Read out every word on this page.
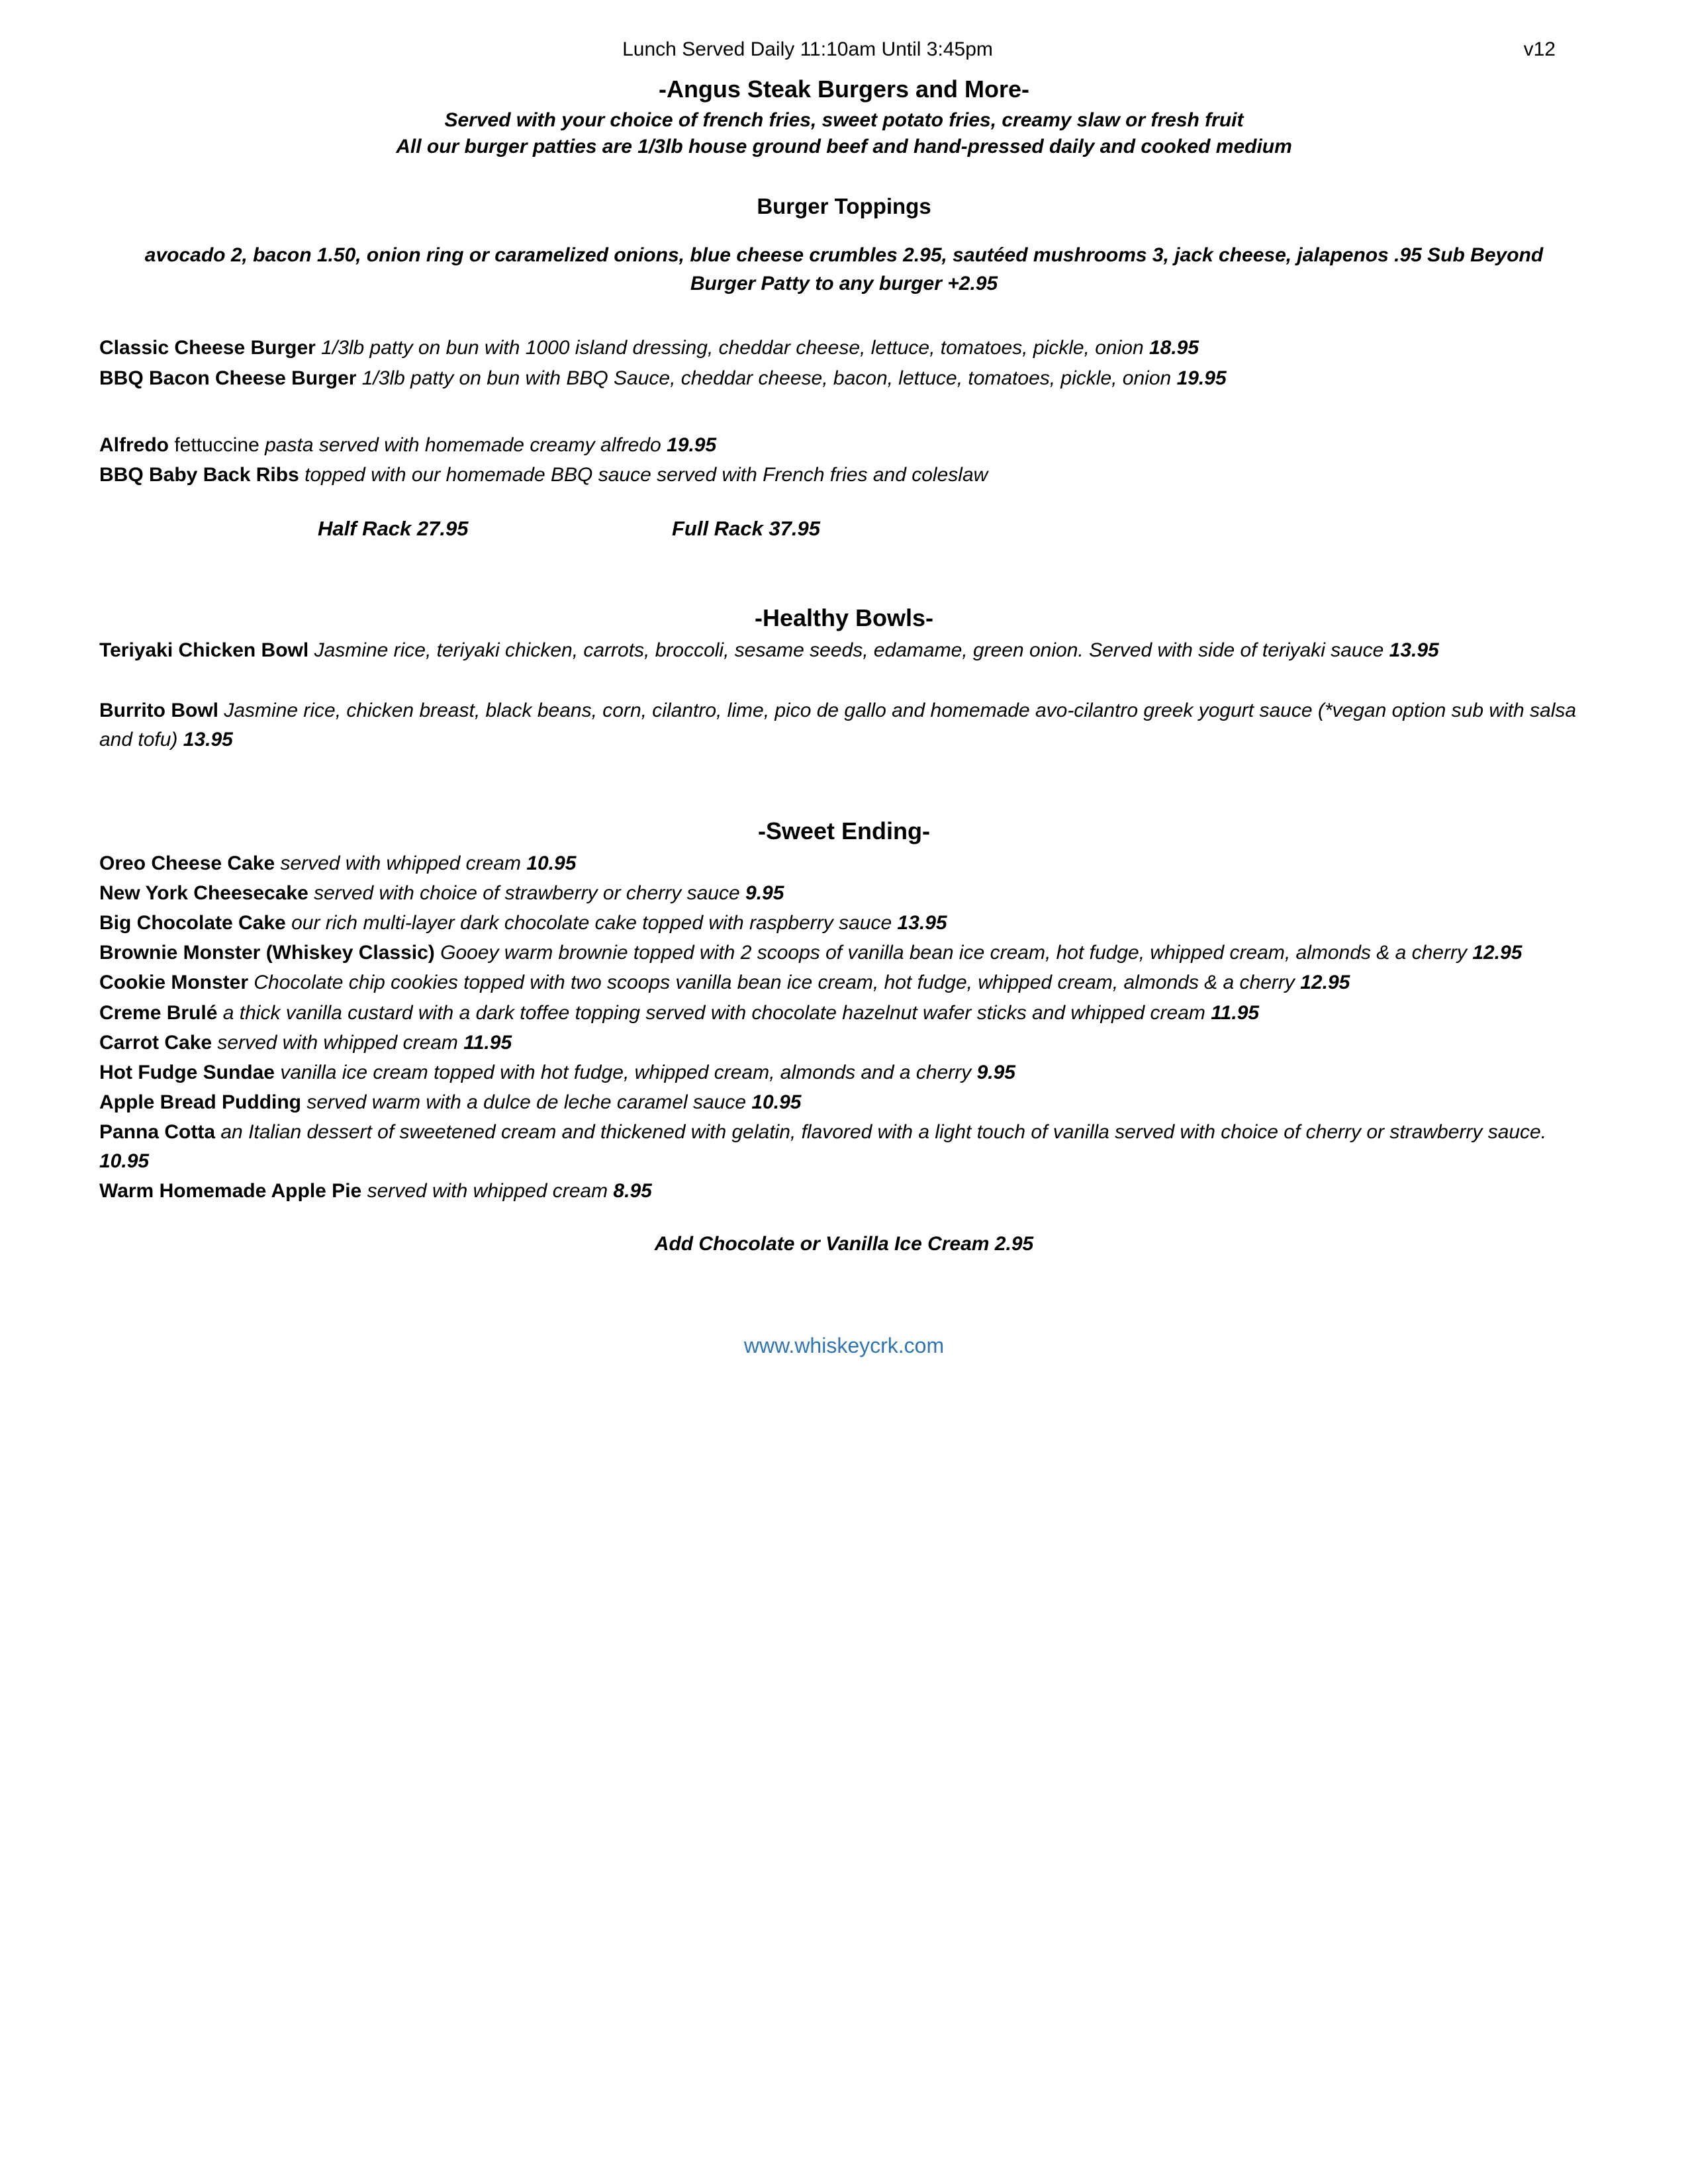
Lunch Served Daily 11:10am Until 3:45pm	v12
-Angus Steak Burgers and More-

Served with your choice of french fries, sweet potato fries, creamy slaw or fresh fruit

All our burger patties are 1/3lb house ground beef and hand-pressed daily and cooked medium

Burger Toppings

avocado 2, bacon 1.50, onion ring or caramelized onions, blue cheese crumbles 2.95, sautéed mushrooms 3, jack cheese, jalapenos .95 Sub Beyond Burger Patty to any burger +2.95

Classic Cheese Burger 1/3lb patty on bun with 1000 island dressing, cheddar cheese, lettuce, tomatoes, pickle, onion 18.95

BBQ Bacon Cheese Burger 1/3lb patty on bun with BBQ Sauce, cheddar cheese, bacon, lettuce, tomatoes, pickle, onion 19.95

Alfredo fettuccine pasta served with homemade creamy alfredo 19.95

BBQ Baby Back Ribs topped with our homemade BBQ sauce served with French fries and coleslaw

Half Rack 27.95	Full Rack 37.95
-Healthy Bowls-

Teriyaki Chicken Bowl Jasmine rice, teriyaki chicken, carrots, broccoli, sesame seeds, edamame, green onion. Served with side of teriyaki sauce 13.95

Burrito Bowl Jasmine rice, chicken breast, black beans, corn, cilantro, lime, pico de gallo and homemade avo-cilantro greek yogurt sauce (*vegan option sub with salsa and tofu) 13.95

-Sweet Ending-

Oreo Cheese Cake served with whipped cream 10.95

New York Cheesecake served with choice of strawberry or cherry sauce 9.95

Big Chocolate Cake our rich multi-layer dark chocolate cake topped with raspberry sauce 13.95

Brownie Monster (Whiskey Classic) Gooey warm brownie topped with 2 scoops of vanilla bean ice cream, hot fudge, whipped cream, almonds & a cherry 12.95

Cookie Monster Chocolate chip cookies topped with two scoops vanilla bean ice cream, hot fudge, whipped cream, almonds & a cherry 12.95

Creme Brulé a thick vanilla custard with a dark toffee topping served with chocolate hazelnut wafer sticks and whipped cream 11.95

Carrot Cake served with whipped cream 11.95

Hot Fudge Sundae vanilla ice cream topped with hot fudge, whipped cream, almonds and a cherry 9.95

Apple Bread Pudding served warm with a dulce de leche caramel sauce 10.95

Panna Cotta an Italian dessert of sweetened cream and thickened with gelatin, flavored with a light touch of vanilla served with choice of cherry or strawberry sauce. 10.95

Warm Homemade Apple Pie served with whipped cream 8.95

Add Chocolate or Vanilla Ice Cream 2.95

www.whiskeycrk.com
